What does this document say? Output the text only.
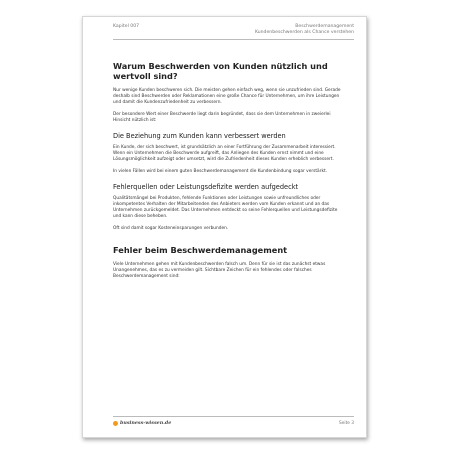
Kapitel 007	Beschwerdemanagement
Kundenbeschwerden als Chance verstehen
Warum Beschwerden von Kunden nützlich und wertvoll sind?

Nur wenige Kunden beschweren sich. Die meisten gehen einfach weg, wenn sie unzufrieden sind. Gerade deshalb sind Beschwerden oder Reklamationen eine große Chance für Unternehmen, um ihre Leistungen und damit die Kundenzufriedenheit zu verbessern.

Der besondere Wert einer Beschwerde liegt darin begründet, dass sie dem Unternehmen in zweierlei Hinsicht nützlich ist:

Die Beziehung zum Kunden kann verbessert werden

Ein Kunde, der sich beschwert, ist grundsätzlich an einer Fortführung der Zusammenarbeit interessiert. Wenn ein Unternehmen die Beschwerde aufgreift, das Anliegen des Kunden ernst nimmt und eine Lösungsmöglichkeit aufzeigt oder umsetzt, wird die Zufriedenheit dieses Kunden erheblich verbessert.

In vielen Fällen wird bei einem guten Beschwerdemanagement die Kundenbindung sogar verstärkt.

Fehlerquellen oder Leistungsdefizite werden aufgedeckt

Qualitätsmängel bei Produkten, fehlende Funktionen oder Leistungen sowie unfreundliches oder inkompetentes Verhalten der Mitarbeitenden des Anbieters werden vom Kunden erkannt und an das Unternehmen zurückgemeldet. Das Unternehmen entdeckt so seine Fehlerquellen und Leistungsdefizite und kann diese beheben.

Oft sind damit sogar Kosteneinsparungen verbunden.

Fehler beim Beschwerdemanagement

Viele Unternehmen gehen mit Kundenbeschwerden falsch um. Denn für sie ist das zunächst etwas Unangenehmes, das es zu vermeiden gilt. Sichtbare Zeichen für ein fehlendes oder falsches Beschwerdemanagement sind:

business-wissen.de	Seite 3
